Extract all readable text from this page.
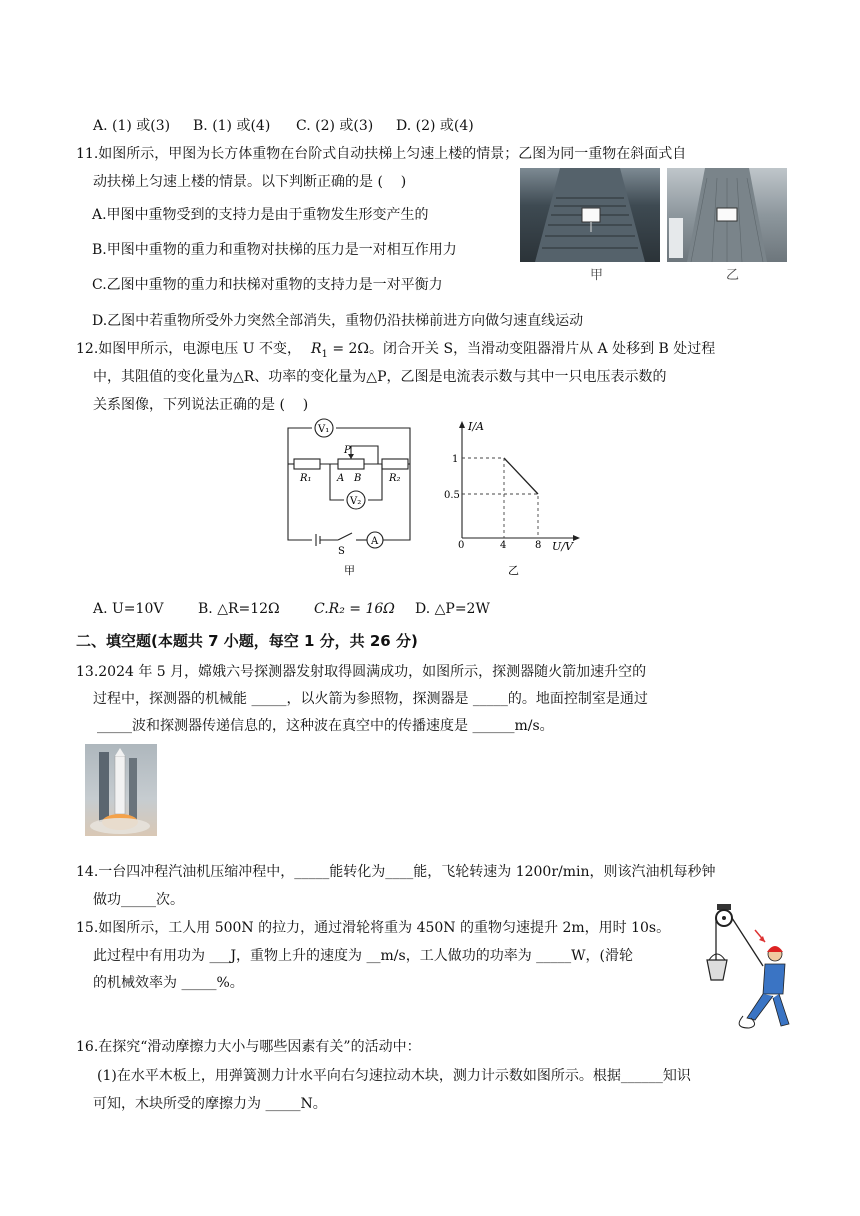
A. (1) 或(3) B. (1) 或(4) C. (2) 或(3) D. (2) 或(4)
11.如图所示，甲图为长方体重物在台阶式自动扶梯上匀速上楼的情景；乙图为同一重物在斜面式自
动扶梯上匀速上楼的情景。以下判断正确的是 (    )
A.甲图中重物受到的支持力是由于重物发生形变产生的
B.甲图中重物的重力和重物对扶梯的压力是一对相互作用力
C.乙图中重物的重力和扶梯对重物的支持力是一对平衡力
D.乙图中若重物所受外力突然全部消失，重物仍沿扶梯前进方向做匀速直线运动
甲	乙
12.如图甲所示，电源电压 U 不变， $R_1 = 2\Omega$。闭合开关 S，当滑动变阻器滑片从 A 处移到 B 处过程
中，其阻值的变化量为△R、功率的变化量为△P，乙图是电流表示数与其中一只电压表示数的
关系图像，下列说法正确的是 (    )
V₁
V₂
A
R₁	R₂
P
A B
S
甲
I/A
U/V
1
0.5
0	4	8
乙
A. U=10V B. △R=12Ω C.R₂ = 16Ω D. △P=2W
二、填空题(本题共 7 小题，每空 1 分，共 26 分)
13.2024 年 5 月，嫦娥六号探测器发射取得圆满成功，如图所示，探测器随火箭加速升空的
过程中，探测器的机械能 _____，以火箭为参照物，探测器是 _____的。地面控制室是通过
_____波和探测器传递信息的，这种波在真空中的传播速度是 ______m/s。
14.一台四冲程汽油机压缩冲程中，_____能转化为____能，飞轮转速为 1200r/min，则该汽油机每秒钟
做功_____次。
15.如图所示，工人用 500N 的拉力，通过滑轮将重为 450N 的重物匀速提升 2m，用时 10s。
此过程中有用功为 ___J，重物上升的速度为 __m/s，工人做功的功率为 _____W，(滑轮
的机械效率为 _____%。
16.在探究“滑动摩擦力大小与哪些因素有关”的活动中：
(1)在水平木板上，用弹簧测力计水平向右匀速拉动木块，测力计示数如图所示。根据______知识
可知，木块所受的摩擦力为 _____N。
